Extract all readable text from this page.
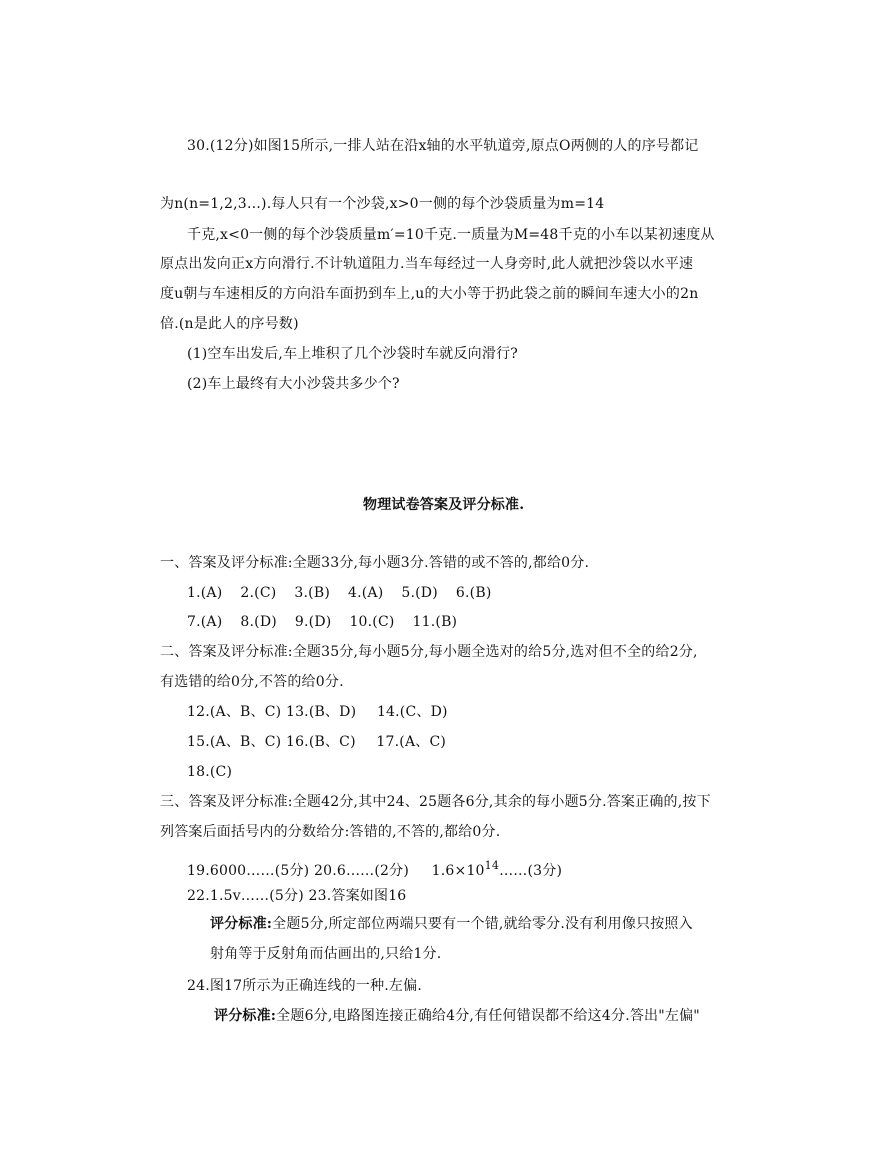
30.(12分)如图15所示,一排人站在沿x轴的水平轨道旁,原点O两侧的人的序号都记
为n(n=1,2,3…).每人只有一个沙袋,x>0一侧的每个沙袋质量为m=14
千克,x<0一侧的每个沙袋质量m′=10千克.一质量为M=48千克的小车以某初速度从
原点出发向正x方向滑行.不计轨道阻力.当车每经过一人身旁时,此人就把沙袋以水平速
度u朝与车速相反的方向沿车面扔到车上,u的大小等于扔此袋之前的瞬间车速大小的2n
倍.(n是此人的序号数)
(1)空车出发后,车上堆积了几个沙袋时车就反向滑行?
(2)车上最终有大小沙袋共多少个?
物理试卷答案及评分标准.
一、答案及评分标准:全题33分,每小题3分.答错的或不答的,都给0分.
1.(A) 2.(C) 3.(B) 4.(A) 5.(D) 6.(B)
7.(A) 8.(D) 9.(D) 10.(C) 11.(B)
二、答案及评分标准:全题35分,每小题5分,每小题全选对的给5分,选对但不全的给2分,
有选错的给0分,不答的给0分.
12.(A、B、C) 13.(B、D) 14.(C、D)
15.(A、B、C) 16.(B、C) 17.(A、C)
18.(C)
三、答案及评分标准:全题42分,其中24、25题各6分,其余的每小题5分.答案正确的,按下
列答案后面括号内的分数给分:答错的,不答的,都给0分.
19.6000……(5分) 20.6……(2分) $1.6\times 10^{14}\dots\dots(3$分)
22.1.5v……(5分) 23.答案如图16
评分标准:全题5分,所定部位两端只要有一个错,就给零分.没有利用像只按照入
射角等于反射角而估画出的,只给1分.
24.图17所示为正确连线的一种.左偏.
评分标准:全题6分,电路图连接正确给4分,有任何错误都不给这4分.答出"左偏"
